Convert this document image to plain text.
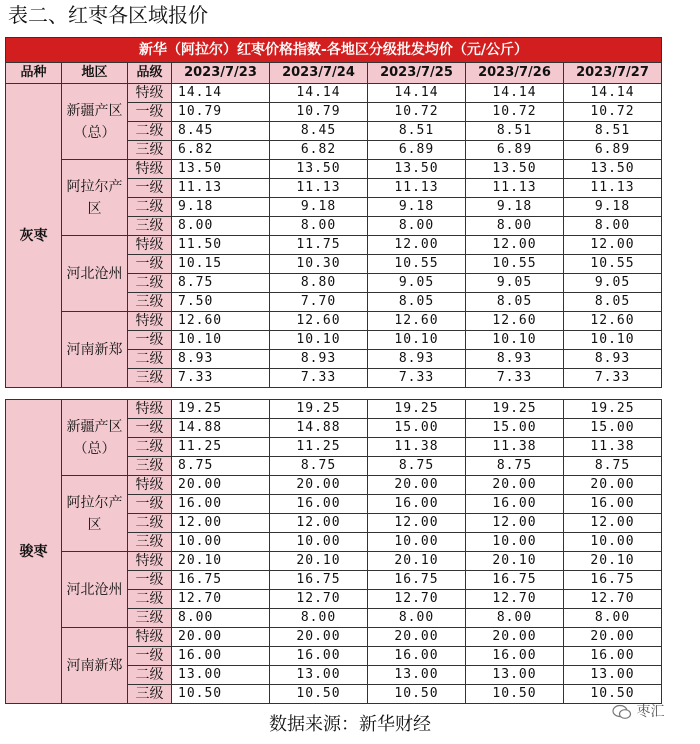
表二、红枣各区域报价
新华（阿拉尔）红枣价格指数-各地区分级批发均价（元/公斤）							
品种	地区	品级	2023/7/23	2023/7/24	2023/7/25	2023/7/26	2023/7/27
灰枣	新疆产区（总）	特级	14.14	14.14	14.14	14.14	14.14
		一级	10.79	10.79	10.72	10.72	10.72
		二级	8.45	8.45	8.51	8.51	8.51
		三级	6.82	6.82	6.89	6.89	6.89
	阿拉尔产区	特级	13.50	13.50	13.50	13.50	13.50
		一级	11.13	11.13	11.13	11.13	11.13
		二级	9.18	9.18	9.18	9.18	9.18
		三级	8.00	8.00	8.00	8.00	8.00
	河北沧州	特级	11.50	11.75	12.00	12.00	12.00
		一级	10.15	10.30	10.55	10.55	10.55
		二级	8.75	8.80	9.05	9.05	9.05
		三级	7.50	7.70	8.05	8.05	8.05
	河南新郑	特级	12.60	12.60	12.60	12.60	12.60
		一级	10.10	10.10	10.10	10.10	10.10
		二级	8.93	8.93	8.93	8.93	8.93
		三级	7.33	7.33	7.33	7.33	7.33
骏枣	新疆产区（总）	特级	19.25	19.25	19.25	19.25	19.25
		一级	14.88	14.88	15.00	15.00	15.00
		二级	11.25	11.25	11.38	11.38	11.38
		三级	8.75	8.75	8.75	8.75	8.75
	阿拉尔产区	特级	20.00	20.00	20.00	20.00	20.00
		一级	16.00	16.00	16.00	16.00	16.00
		二级	12.00	12.00	12.00	12.00	12.00
		三级	10.00	10.00	10.00	10.00	10.00
	河北沧州	特级	20.10	20.10	20.10	20.10	20.10
		一级	16.75	16.75	16.75	16.75	16.75
		二级	12.70	12.70	12.70	12.70	12.70
		三级	8.00	8.00	8.00	8.00	8.00
	河南新郑	特级	20.00	20.00	20.00	20.00	20.00
		一级	16.00	16.00	16.00	16.00	16.00
		二级	13.00	13.00	13.00	13.00	13.00
		三级	10.50	10.50	10.50	10.50	10.50
数据来源：新华财经
枣汇
